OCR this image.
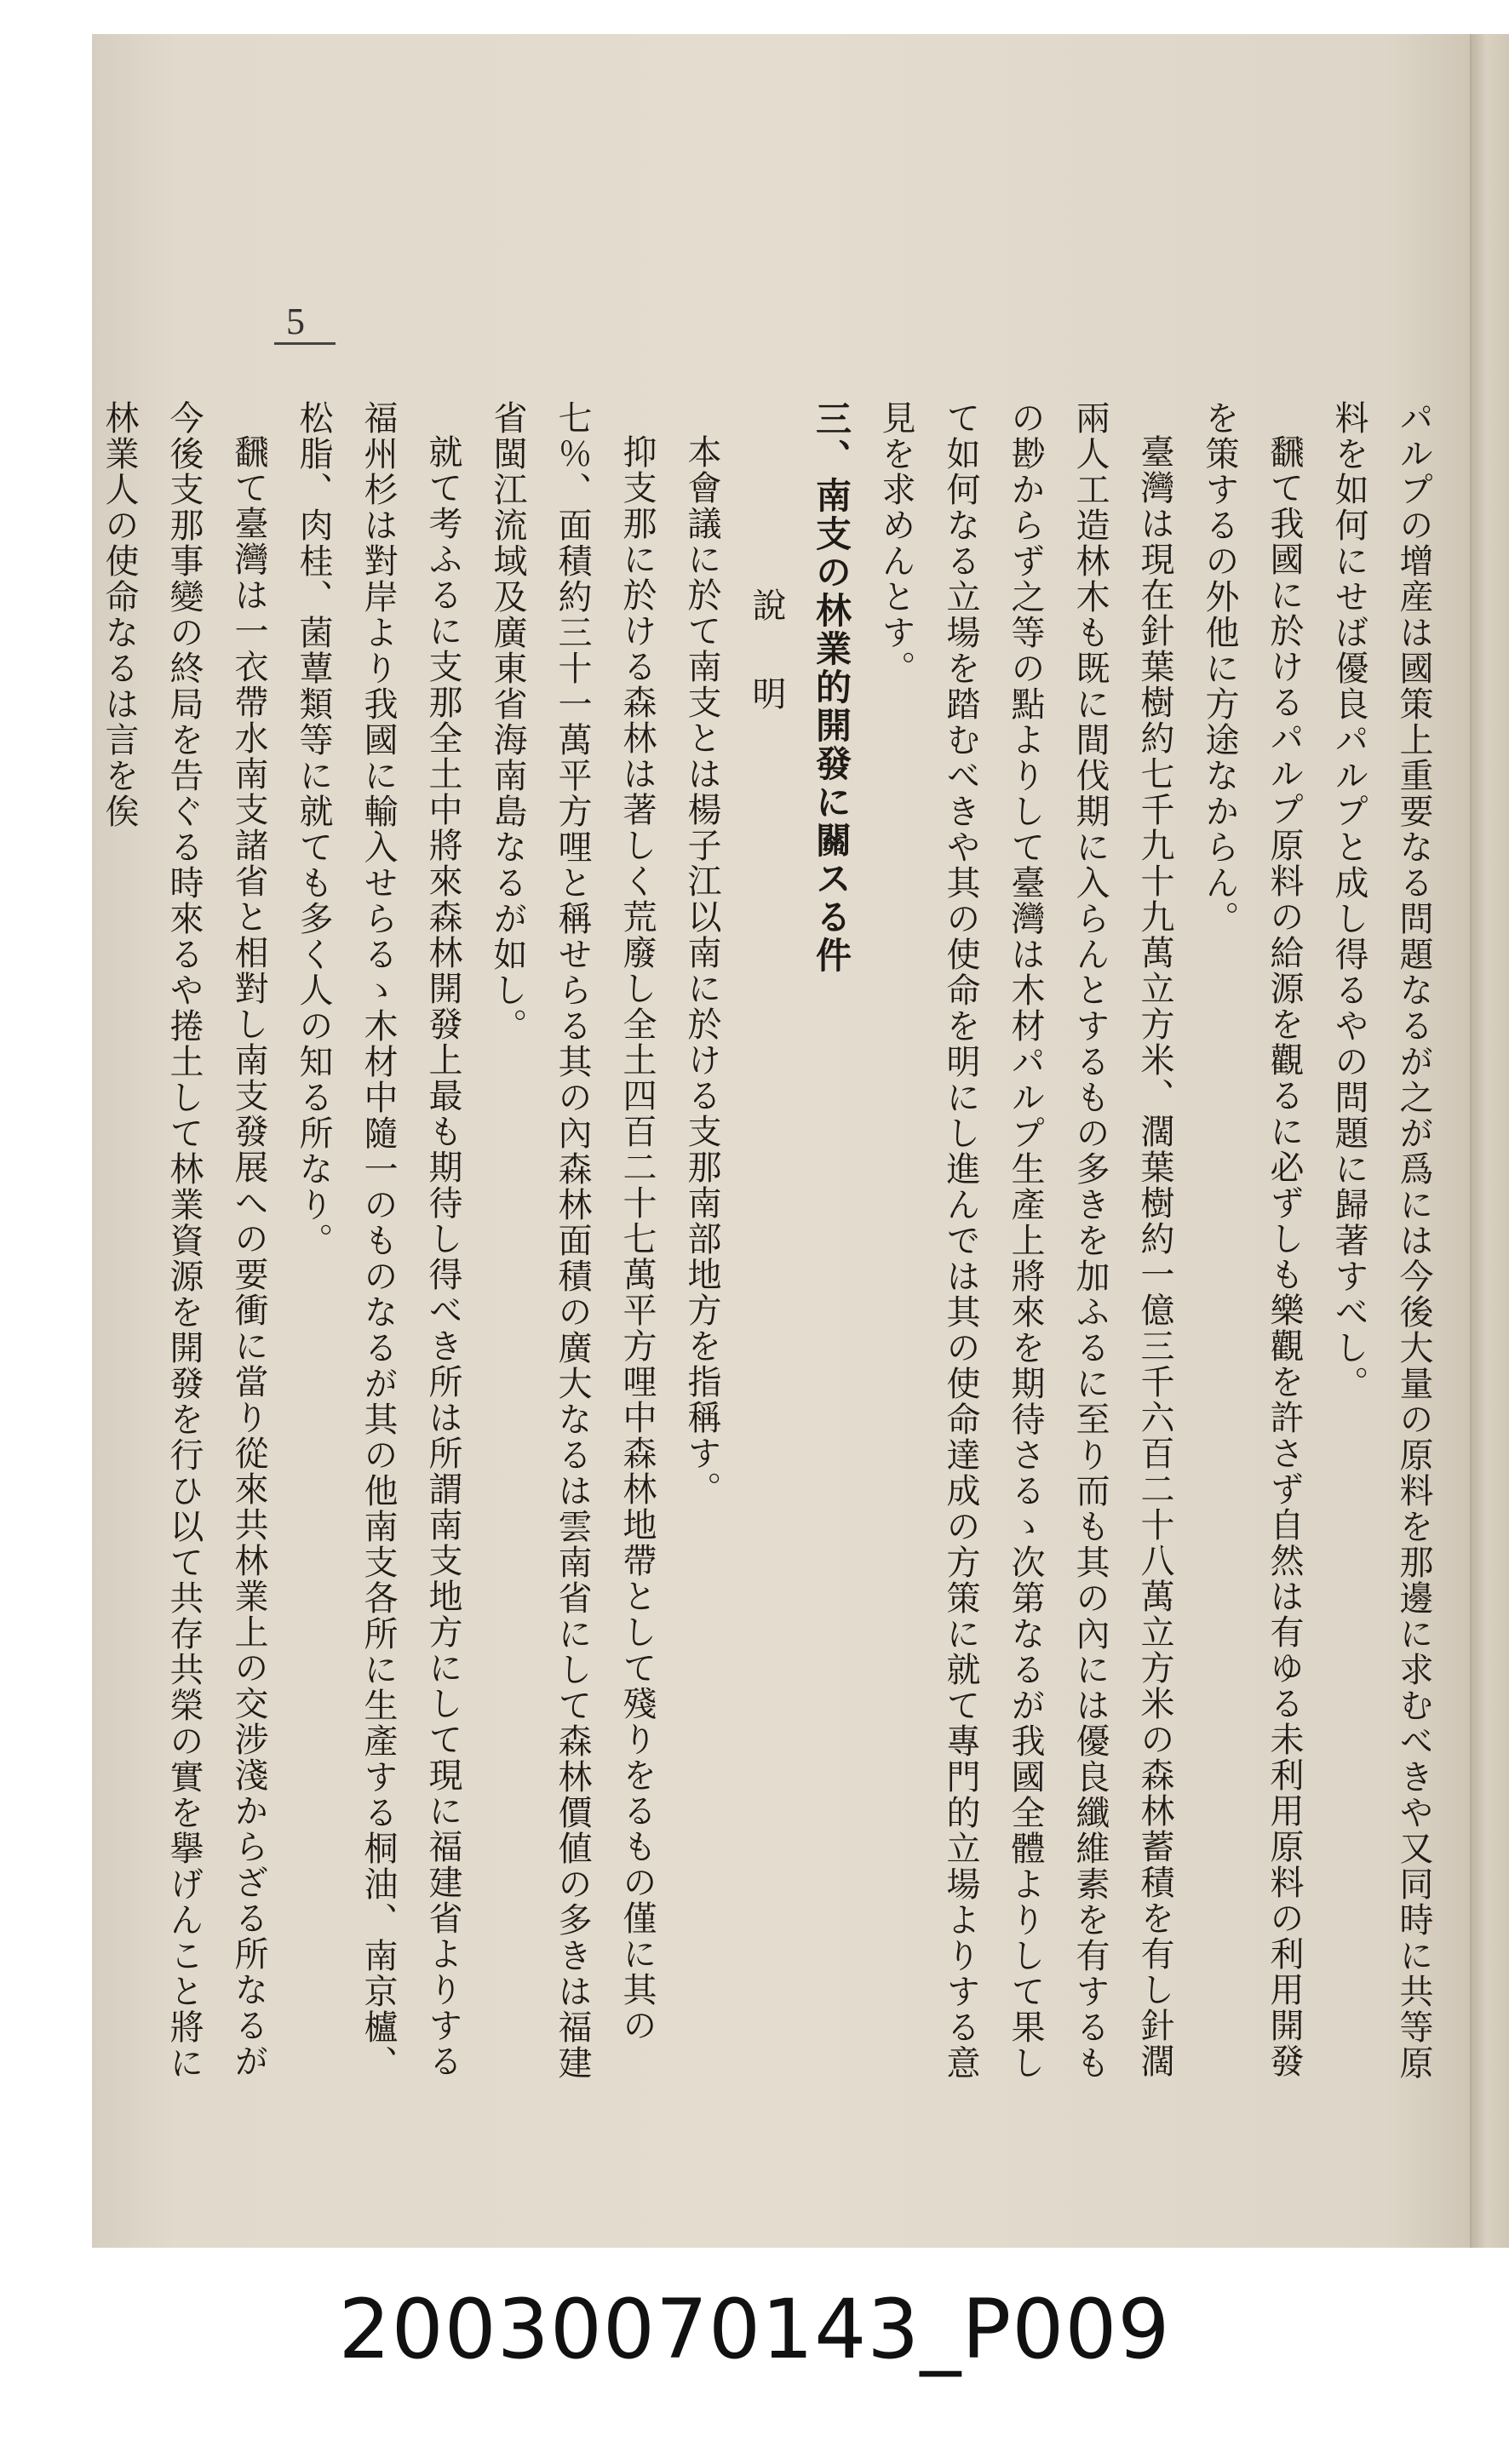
5

パルプの增産は國策上重要なる問題なるが之が爲には今後大量の原料を那邊に求むべきや又同時に共等原料を如何にせば優良パルプと成し得るやの問題に歸著すべし。

飜て我國に於けるパルプ原料の給源を觀るに必ずしも樂觀を許さず自然は有ゆる未利用原料の利用開發を策するの外他に方途なからん。

臺灣は現在針葉樹約七千九十九萬立方米、濶葉樹約一億三千六百二十八萬立方米の森林蓄積を有し針濶兩人工造林木も既に間伐期に入らんとするもの多きを加ふるに至り而も其の內には優良纖維素を有するもの尠からず之等の點よりして臺灣は木材パルプ生產上將來を期待さるゝ次第なるが我國全體よりして果して如何なる立場を踏むべきや其の使命を明にし進んでは其の使命達成の方策に就て專門的立場よりする意見を求めんとす。

三、南支の林業的開發に關スる件

說明

本會議に於て南支とは楊子江以南に於ける支那南部地方を指稱す。

抑支那に於ける森林は著しく荒廢し全土四百二十七萬平方哩中森林地帶として殘りをるもの僅に其の七％、面積約三十一萬平方哩と稱せらる其の內森林面積の廣大なるは雲南省にして森林價値の多きは福建省閩江流域及廣東省海南島なるが如し。

就て考ふるに支那全土中將來森林開發上最も期待し得べき所は所謂南支地方にして現に福建省よりする福州杉は對岸より我國に輸入せらるゝ木材中隨一のものなるが其の他南支各所に生產する桐油、南京櫨、松脂、肉桂、菌蕈類等に就ても多く人の知る所なり。

飜て臺灣は一衣帶水南支諸省と相對し南支發展への要衝に當り從來共林業上の交涉淺からざる所なるが今後支那事變の終局を告ぐる時來るや捲土して林業資源を開發を行ひ以て共存共榮の實を擧げんこと將に林業人の使命なるは言を俟

20030070143_P009
